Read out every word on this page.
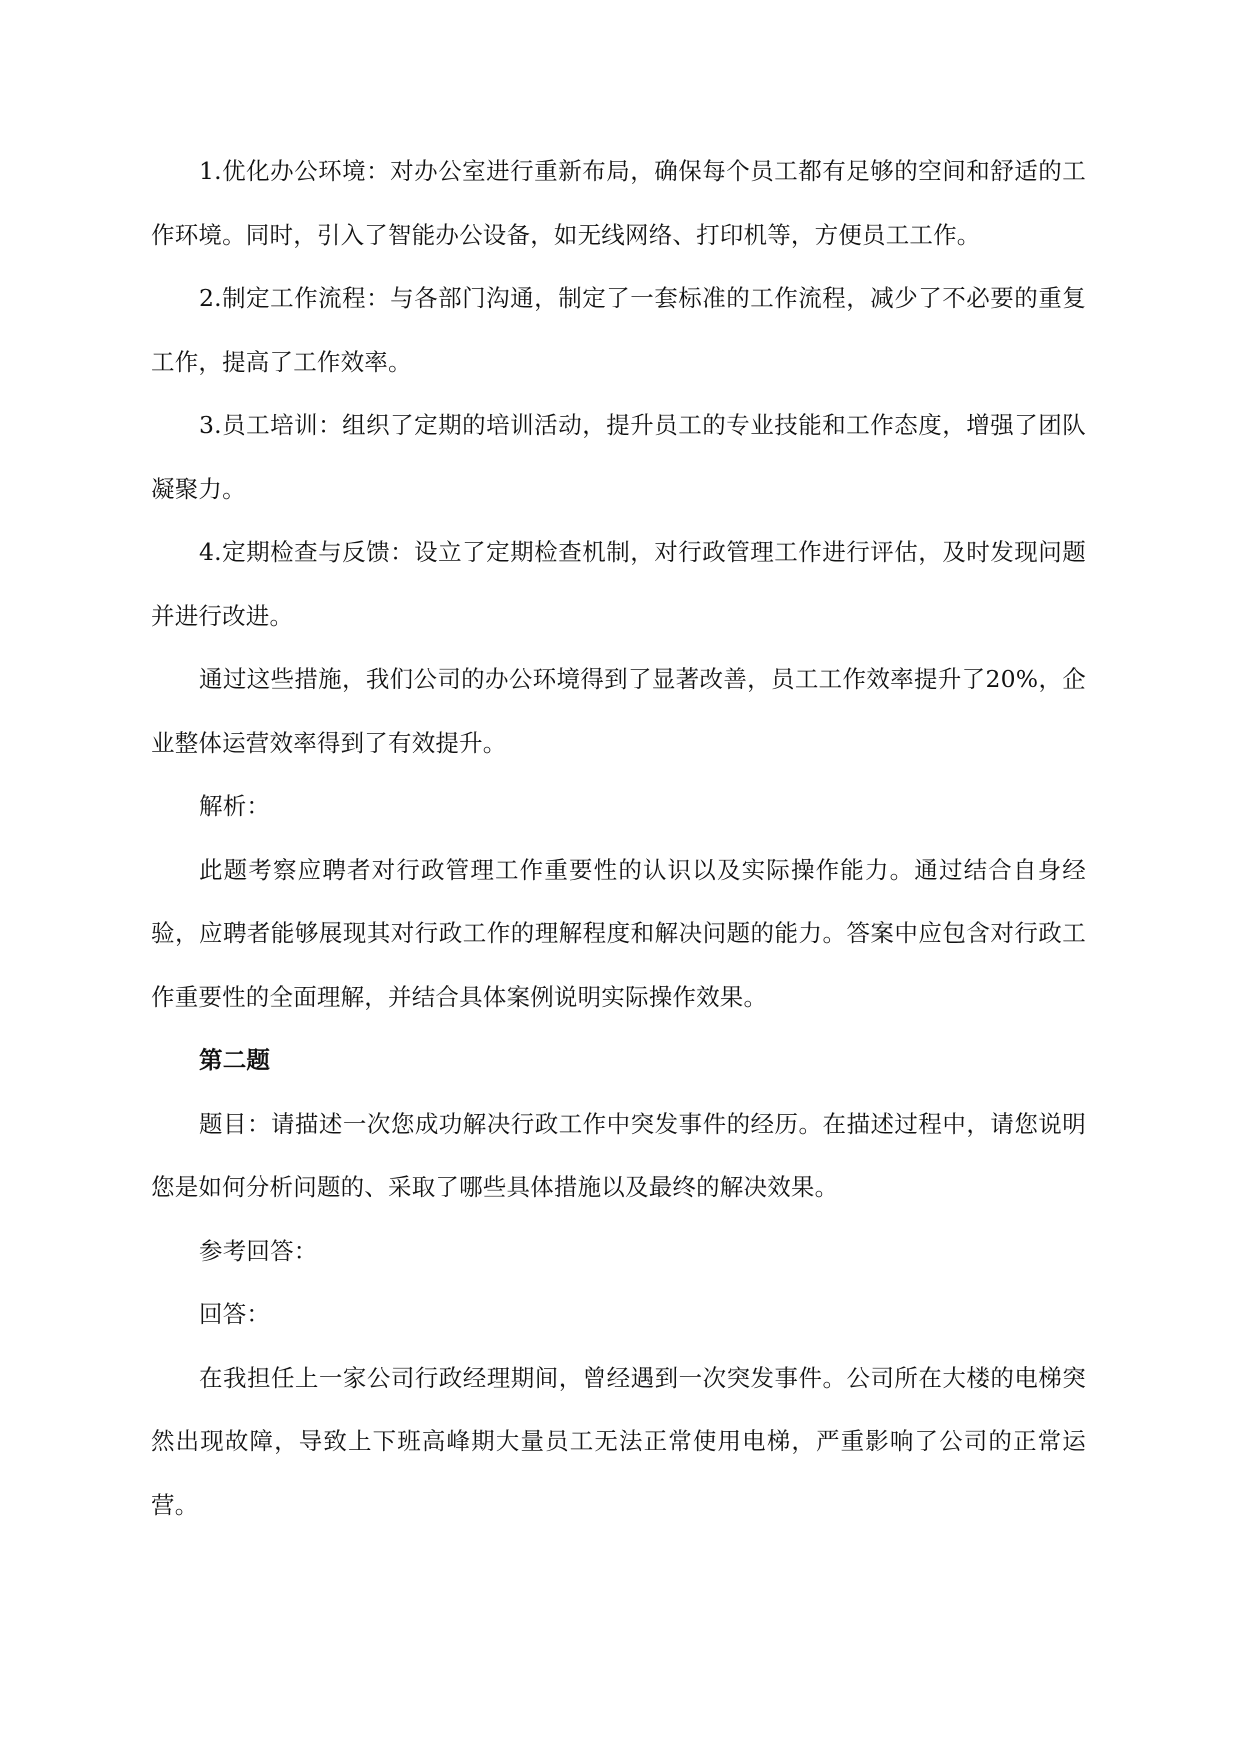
1.优化办公环境：对办公室进行重新布局，确保每个员工都有足够的空间和舒适的工作环境。同时，引入了智能办公设备，如无线网络、打印机等，方便员工工作。

2.制定工作流程：与各部门沟通，制定了一套标准的工作流程，减少了不必要的重复工作，提高了工作效率。

3.员工培训：组织了定期的培训活动，提升员工的专业技能和工作态度，增强了团队凝聚力。

4.定期检查与反馈：设立了定期检查机制，对行政管理工作进行评估，及时发现问题并进行改进。

通过这些措施，我们公司的办公环境得到了显著改善，员工工作效率提升了20%，企业整体运营效率得到了有效提升。

解析：

此题考察应聘者对行政管理工作重要性的认识以及实际操作能力。通过结合自身经验，应聘者能够展现其对行政工作的理解程度和解决问题的能力。答案中应包含对行政工作重要性的全面理解，并结合具体案例说明实际操作效果。

第二题

题目：请描述一次您成功解决行政工作中突发事件的经历。在描述过程中，请您说明您是如何分析问题的、采取了哪些具体措施以及最终的解决效果。

参考回答：

回答：

在我担任上一家公司行政经理期间，曾经遇到一次突发事件。公司所在大楼的电梯突然出现故障，导致上下班高峰期大量员工无法正常使用电梯，严重影响了公司的正常运营。
